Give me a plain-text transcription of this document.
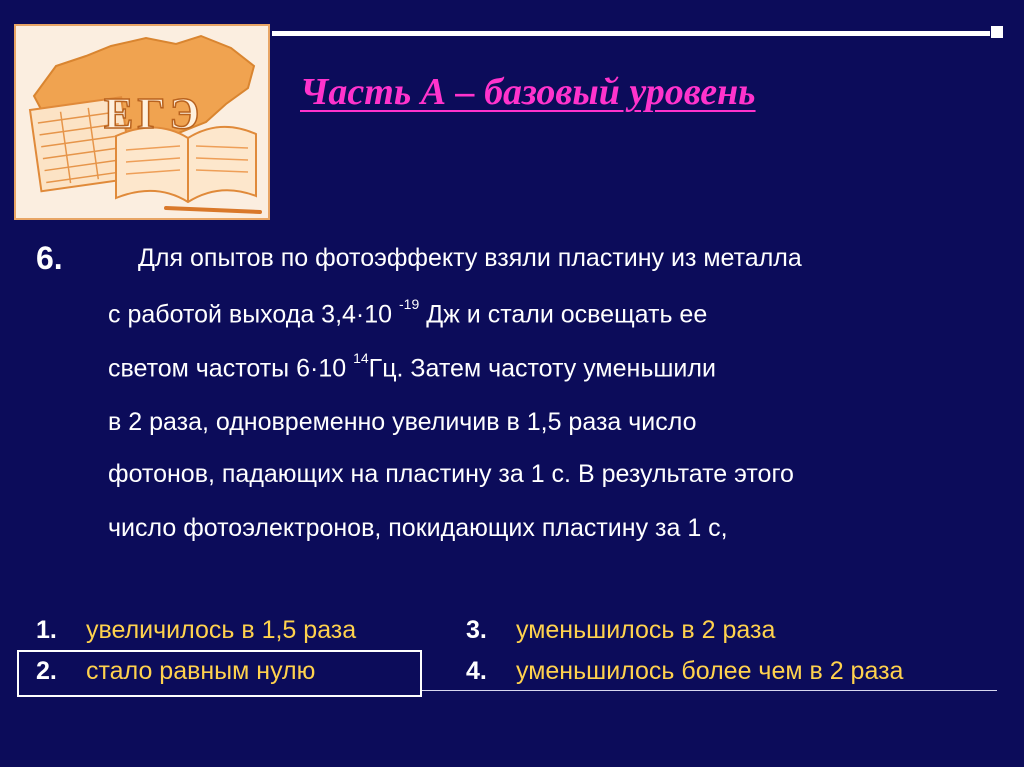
ЕГЭ	Часть А – базовый уровень
6.	Для опытов по фотоэффекту взяли пластину из металла
с работой выхода 3,4·10 $^{-19}$ Дж и стали освещать ее
светом частоты 6·10 $^{14}$Гц. Затем частоту уменьшили
в 2 раза, одновременно увеличив в 1,5 раза число
фотонов, падающих на пластину за 1 с. В результате этого
число фотоэлектронов, покидающих пластину за 1 с,
1. увеличилось в 1,5 раза
2. стало равным нулю
3. уменьшилось в 2 раза
4. уменьшилось более чем в 2 раза
